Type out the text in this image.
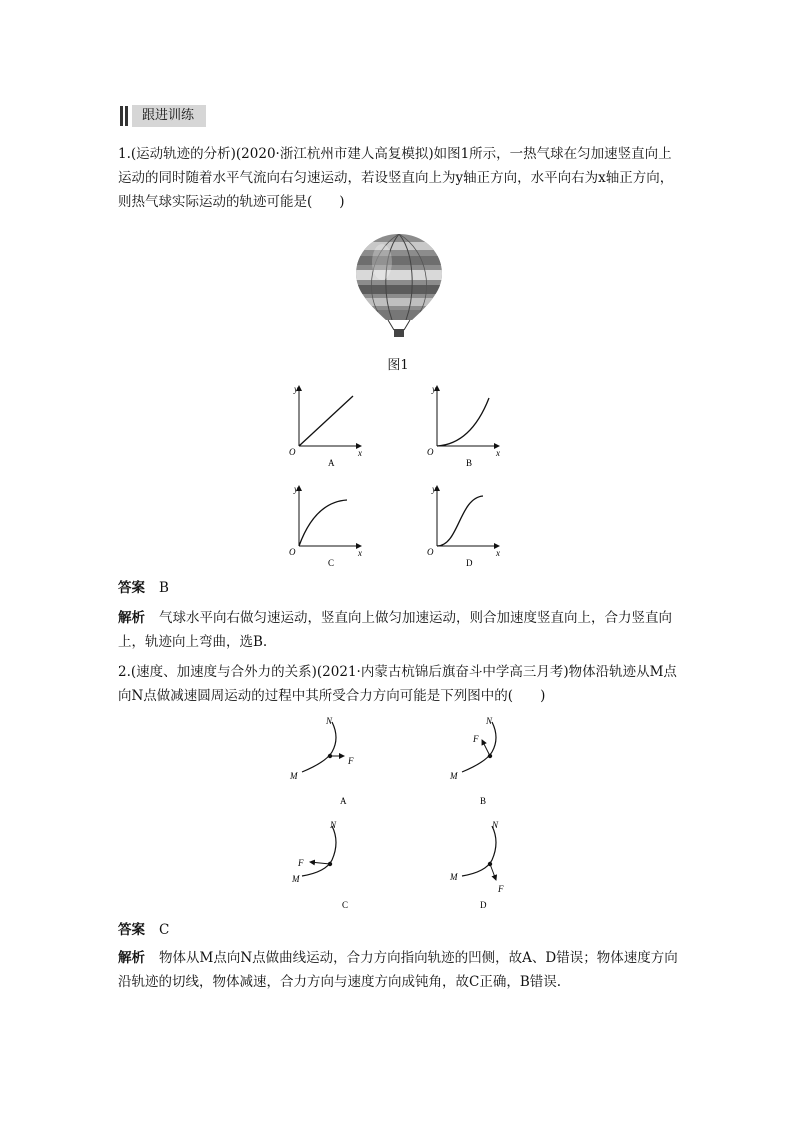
跟进训练

1.(运动轨迹的分析)(2020·浙江杭州市建人高复模拟)如图1所示，一热气球在匀加速竖直向上运动的同时随着水平气流向右匀速运动，若设竖直向上为y轴正方向，水平向右为x轴正方向，则热气球实际运动的轨迹可能是(　　)

图1
y
x
O
A
y
x
O
B
y
x
O
C
y
x
O
D

答案 B

解析 气球水平向右做匀速运动，竖直向上做匀加速运动，则合加速度竖直向上，合力竖直向上，轨迹向上弯曲，选B.

2.(速度、加速度与合外力的关系)(2021·内蒙古杭锦后旗奋斗中学高三月考)物体沿轨迹从M点向N点做减速圆周运动的过程中其所受合力方向可能是下列图中的(　　)

N
M
F
A
N
M
F
B
N
M
F
C
N
M
F
D

答案 C

解析 物体从M点向N点做曲线运动，合力方向指向轨迹的凹侧，故A、D错误；物体速度方向沿轨迹的切线，物体减速，合力方向与速度方向成钝角，故C正确，B错误.
